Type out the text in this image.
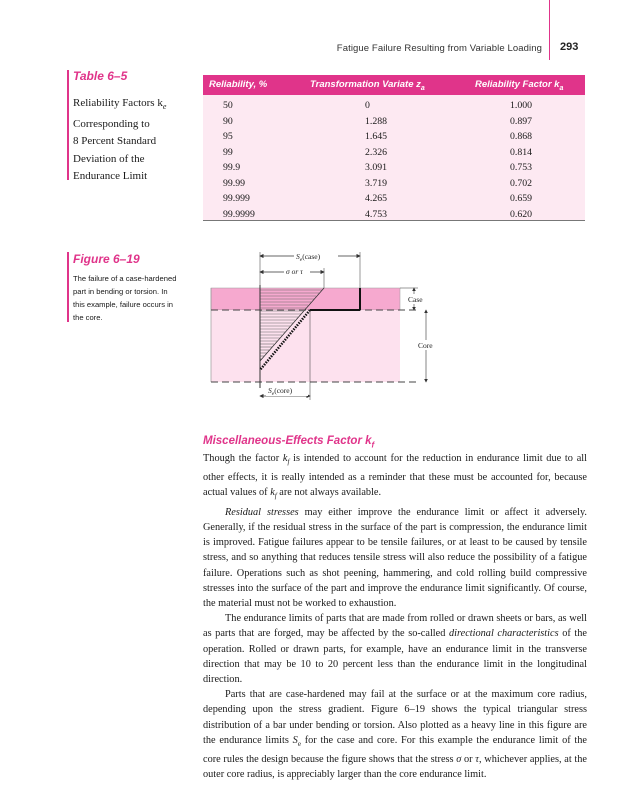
Fatigue Failure Resulting from Variable Loading 293
Table 6–5
Reliability Factors $k_e$
Corresponding to
8 Percent Standard
Deviation of the
Endurance Limit
Reliability, %	Transformation Variate $z_a$	Reliability Factor $k_a$
50	0	1.000
90	1.288	0.897
95	1.645	0.868
99	2.326	0.814
99.9	3.091	0.753
99.99	3.719	0.702
99.999	4.265	0.659
99.9999	4.753	0.620
Figure 6–19
The failure of a case-hardened
part in bending or torsion. In
this example, failure occurs in
the core.
$S_e(case)$
σ or τ
Case
Core
$S_e(core)$
Miscellaneous-Effects Factor $k_f$

Though the factor $k_f$ is intended to account for the reduction in endurance limit due to all other effects, it is really intended as a reminder that these must be accounted for, because actual values of $k_f$ are not always available.

Residual stresses may either improve the endurance limit or affect it adversely. Generally, if the residual stress in the surface of the part is compression, the endurance limit is improved. Fatigue failures appear to be tensile failures, or at least to be caused by tensile stress, and so anything that reduces tensile stress will also reduce the possibility of a fatigue failure. Operations such as shot peening, hammering, and cold rolling build compressive stresses into the surface of the part and improve the endurance limit significantly. Of course, the material must not be worked to exhaustion.

The endurance limits of parts that are made from rolled or drawn sheets or bars, as well as parts that are forged, may be affected by the so-called directional characteristics of the operation. Rolled or drawn parts, for example, have an endurance limit in the transverse direction that may be 10 to 20 percent less than the endurance limit in the longitudinal direction.

Parts that are case-hardened may fail at the surface or at the maximum core radius, depending upon the stress gradient. Figure 6–19 shows the typical triangular stress distribution of a bar under bending or torsion. Also plotted as a heavy line in this figure are the endurance limits $S_e$ for the case and core. For this example the endurance limit of the core rules the design because the figure shows that the stress σ or τ, whichever applies, at the outer core radius, is appreciably larger than the core endurance limit.
